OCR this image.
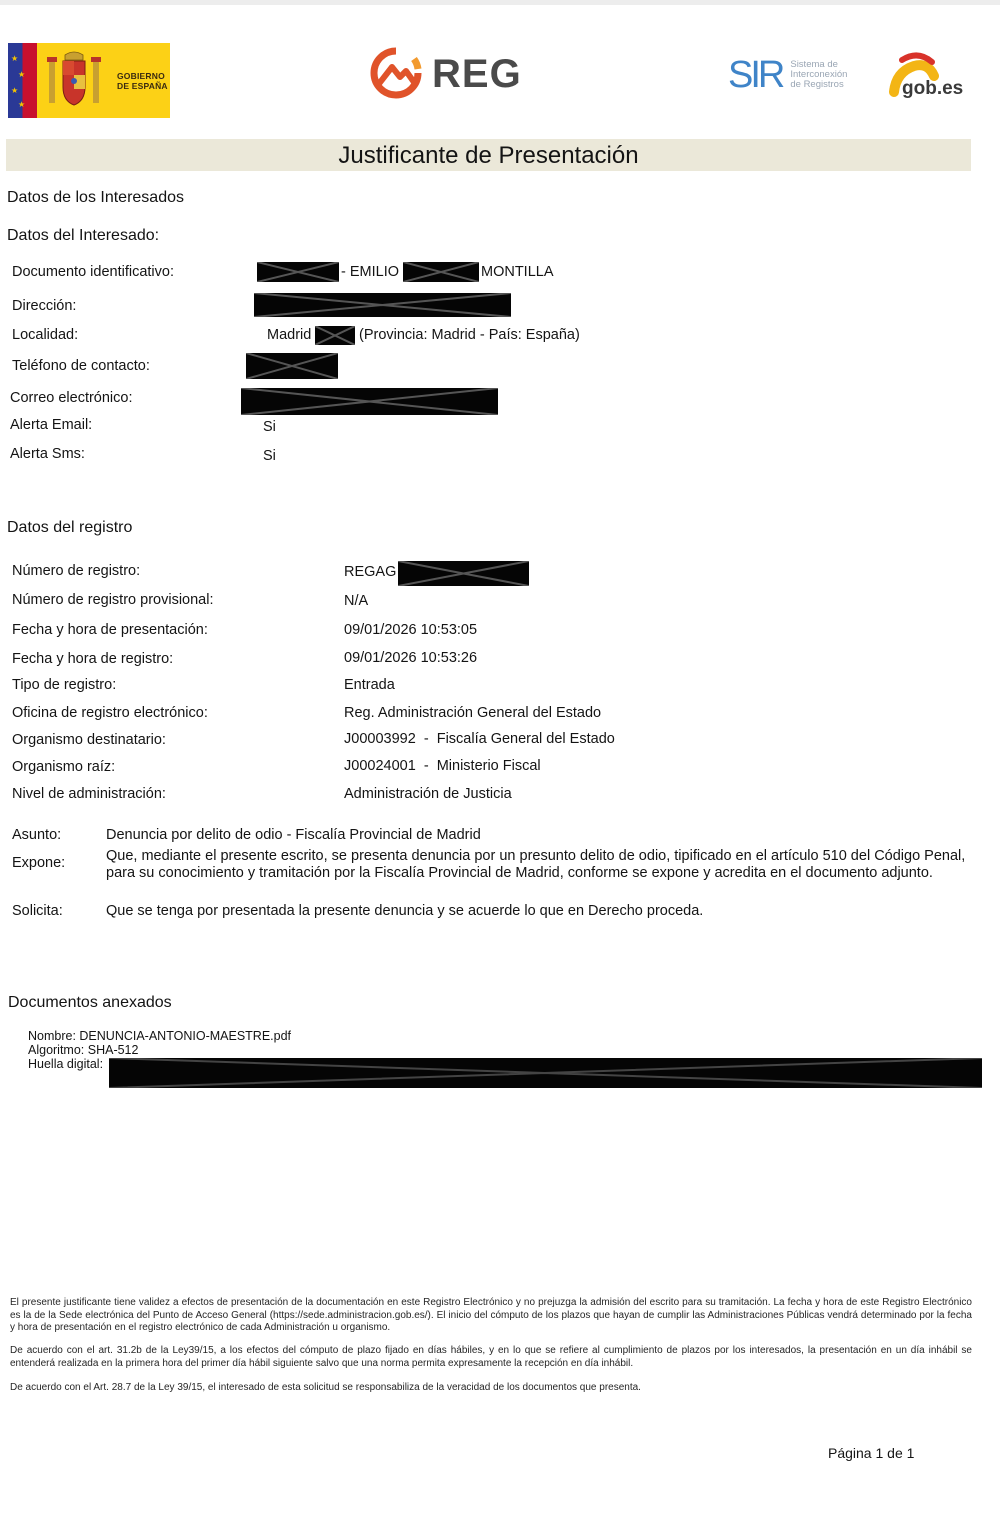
★
★
★
★
GOBIERNO
DE ESPAÑA	REG	SIR Sistema de
Interconexión
de Registros	gob.es
Justificante de Presentación
Datos de los Interesados
Datos del Interesado:
Documento identificativo:	- EMILIO	MONTILLA
Dirección:
Localidad:	Madrid	(Provincia: Madrid - País: España)
Teléfono de contacto:
Correo electrónico:
Alerta Email:	Si
Alerta Sms:	Si
Datos del registro
Número de registro:	REGAG
Número de registro provisional:	N/A
Fecha y hora de presentación:	09/01/2026 10:53:05
Fecha y hora de registro:	09/01/2026 10:53:26
Tipo de registro:	Entrada
Oficina de registro electrónico:	Reg. Administración General del Estado
Organismo destinatario:	J00003992  -  Fiscalía General del Estado
Organismo raíz:	J00024001  -  Ministerio Fiscal
Nivel de administración:	Administración de Justicia
Asunto:	Denuncia por delito de odio - Fiscalía Provincial de Madrid
Expone:	Que, mediante el presente escrito, se presenta denuncia por un presunto delito de odio, tipificado en el artículo 510 del Código Penal,
para su conocimiento y tramitación por la Fiscalía Provincial de Madrid, conforme se expone y acredita en el documento adjunto.
Solicita:	Que se tenga por presentada la presente denuncia y se acuerde lo que en Derecho proceda.
Documentos anexados
Nombre: DENUNCIA-ANTONIO-MAESTRE.pdf
Algoritmo: SHA-512
Huella digital:
El presente justificante tiene validez a efectos de presentación de la documentación en este Registro Electrónico y no prejuzga la admisión del escrito para su tramitación. La fecha y hora de este Registro Electrónico es la de la Sede electrónica del Punto de Acceso General (https://sede.administracion.gob.es/). El inicio del cómputo de los plazos que hayan de cumplir las Administraciones Públicas vendrá determinado por la fecha y hora de presentación en el registro electrónico de cada Administración u organismo.
De acuerdo con el art. 31.2b de la Ley39/15, a los efectos del cómputo de plazo fijado en días hábiles, y en lo que se refiere al cumplimiento de plazos por los interesados, la presentación en un día inhábil se entenderá realizada en la primera hora del primer día hábil siguiente salvo que una norma permita expresamente la recepción en día inhábil.
De acuerdo con el Art. 28.7 de la Ley 39/15, el interesado de esta solicitud se responsabiliza de la veracidad de los documentos que presenta.
Página 1 de 1
